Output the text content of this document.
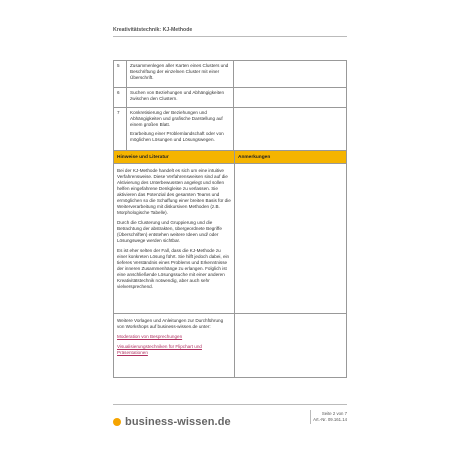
Kreativitätstechnik: KJ-Methode
5	Zusammenlegen aller Karten eines Clusters und Beschriftung der einzelnen Cluster mit einer Überschrift.	

6	Suchen von Beziehungen und Abhängigkeiten zwischen den Clustern.	

7	Konkretisierung der Beziehungen und Abhängigkeiten und grafische Darstellung auf einem großen Blatt.

Erarbeitung einer Problemlandschaft oder von möglichen Lösungen und Lösungswegen.	

Hinweise und Literatur	Anmerkungen

Bei der KJ-Methode handelt es sich um eine intuitive Verfahrensweise. Diese Verfahrensweisen sind auf die Aktivierung des Unterbewussten angelegt und sollen helfen eingefahrene Denkgleise zu verlassen. Sie aktivieren das Potenzial des gesamten Teams und ermöglichen so die Schaffung einer breiten Basis für die Weiterverarbeitung mit diskursiven Methoden (z.B. Morphologische Tabelle).

Durch die Clusterung und Gruppierung und die Betrachtung der abstrakten, übergeordnete Begriffe (Überschriften) entstehen weitere Ideen und/ oder Lösungswege werden sichtbar.

Es ist eher selten der Fall, dass die KJ-Methode zu einer konkreten Lösung führt. Sie hilft jedoch dabei, ein tieferes Verständnis eines Problems und Erkenntnisse der inneren Zusammenhänge zu erlangen. Folglich ist eine anschließende Lösungssuche mit einer anderen Kreativitätstechnik notwendig, aber auch sehr vielversprechend.	

Weitere Vorlagen und Anleitungen zur Durchführung von Workshops auf business-wissen.de unter:

Moderation von Besprechungen

Visualisierungstechniken für Flipchart und Präsentationen	

business-wissen.de
Seite 2 von 7
Art.-Nr. 09.161.14
